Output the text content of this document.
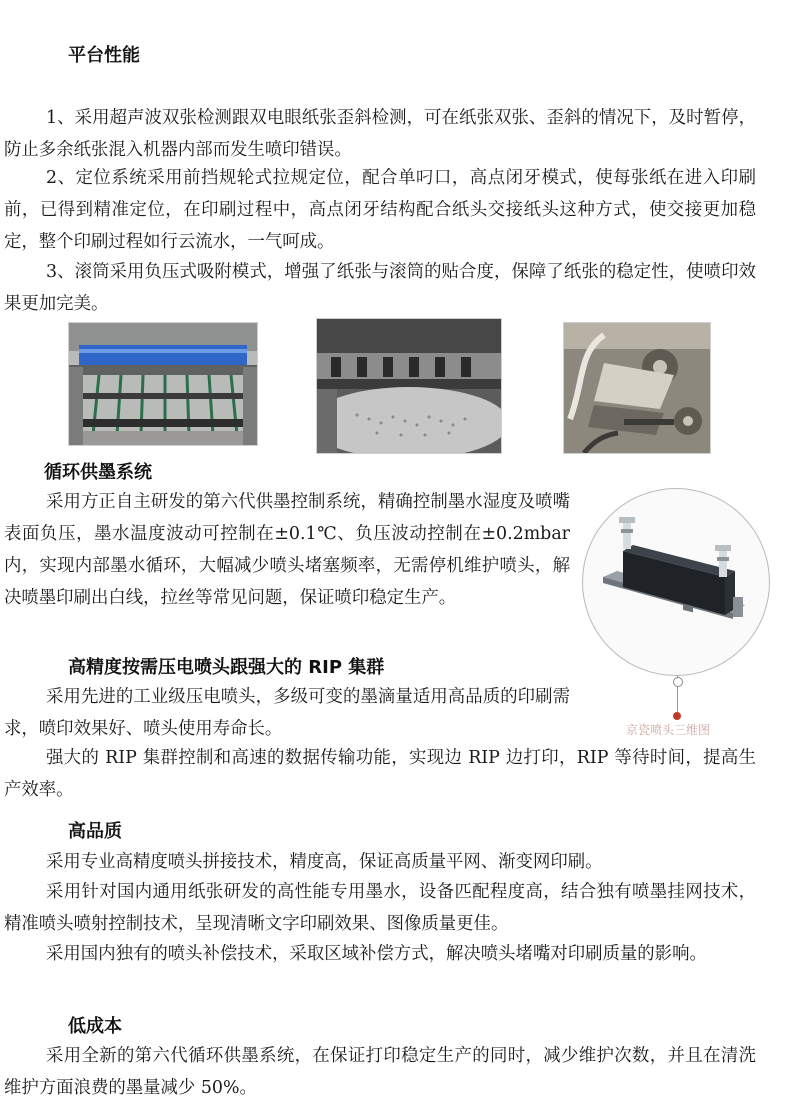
平台性能

1、采用超声波双张检测跟双电眼纸张歪斜检测，可在纸张双张、歪斜的情况下，及时暂停，防止多余纸张混入机器内部而发生喷印错误。

2、定位系统采用前挡规轮式拉规定位，配合单叼口，高点闭牙模式，使每张纸在进入印刷前，已得到精准定位，在印刷过程中，高点闭牙结构配合纸头交接纸头这种方式，使交接更加稳定，整个印刷过程如行云流水，一气呵成。

3、滚筒采用负压式吸附模式，增强了纸张与滚筒的贴合度，保障了纸张的稳定性，使喷印效果更加完美。

循环供墨系统

采用方正自主研发的第六代供墨控制系统，精确控制墨水湿度及喷嘴表面负压，墨水温度波动可控制在±0.1℃、负压波动控制在±0.2mbar内，实现内部墨水循环，大幅减少喷头堵塞频率，无需停机维护喷头，解决喷墨印刷出白线，拉丝等常见问题，保证喷印稳定生产。

京瓷喷头三维图
高精度按需压电喷头跟强大的 RIP 集群

采用先进的工业级压电喷头，多级可变的墨滴量适用高品质的印刷需求，喷印效果好、喷头使用寿命长。

强大的 RIP 集群控制和高速的数据传输功能，实现边 RIP 边打印，RIP 等待时间，提高生产效率。

高品质

采用专业高精度喷头拼接技术，精度高，保证高质量平网、渐变网印刷。

采用针对国内通用纸张研发的高性能专用墨水，设备匹配程度高，结合独有喷墨挂网技术，精准喷头喷射控制技术，呈现清晰文字印刷效果、图像质量更佳。

采用国内独有的喷头补偿技术，采取区域补偿方式，解决喷头堵嘴对印刷质量的影响。

低成本

采用全新的第六代循环供墨系统，在保证打印稳定生产的同时，减少维护次数，并且在清洗维护方面浪费的墨量减少 50%。
